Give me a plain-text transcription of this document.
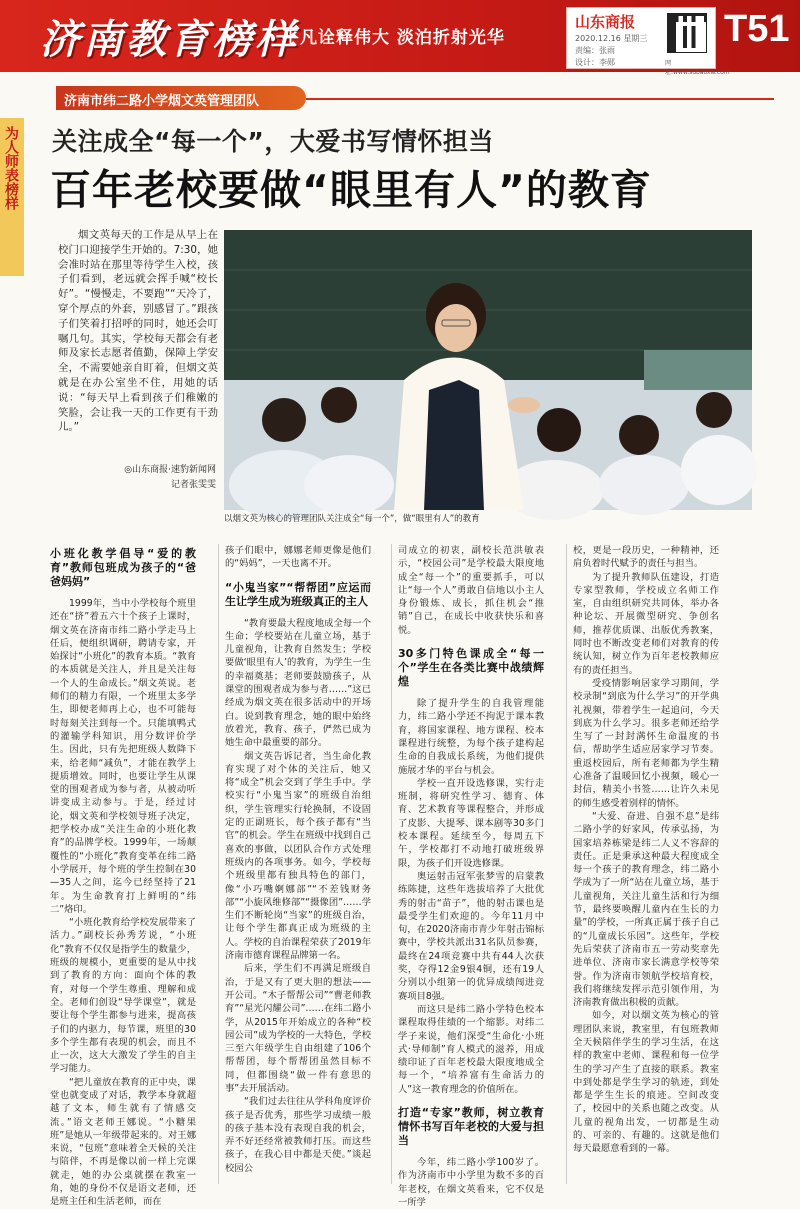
济南教育榜样
平凡诠释伟大 淡泊折射光华
山东商报
2020.12.16 星期三
责编：张雨
设计：李郧	网址:www.subaoxw.com
T51
济南市纬二路小学烟文英管理团队
为人师表榜样 关注成全“每一个”，大爱书写情怀担当
百年老校要做“眼里有人”的教育
烟文英每天的工作是从早上在校门口迎接学生开始的。7:30，她会准时站在那里等待学生入校，孩子们看到，老远就会挥手喊“校长好”。“慢慢走，不要跑”“天冷了，穿个厚点的外套，别感冒了。”跟孩子们笑着打招呼的同时，她还会叮嘱几句。其实，学校每天都会有老师及家长志愿者值勤，保障上学安全，不需要她亲自盯着，但烟文英就是在办公室坐不住，用她的话说：“每天早上看到孩子们稚嫩的笑脸，会让我一天的工作更有干劲儿。”
◎山东商报·速豹新闻网
记者张雯雯
以烟文英为核心的管理团队关注成全“每一个”，做“眼里有人”的教育
小班化教学倡导“爱的教育”教师包班成为孩子的“爸爸妈妈”

1999年，当中小学校每个班里还在“挤”着五六十个孩子上课时，烟文英在济南市纬二路小学走马上任后，便组织调研，聘请专家，开始探讨“小班化”的教育本质。“教育的本质就是关注人，并且是关注每一个人的生命成长。”烟文英说。老师们的精力有限，一个班里太多学生，即便老师再上心，也不可能每时每刻关注到每一个。只能填鸭式的灌输学科知识，用分数评价学生。因此，只有先把班级人数降下来，给老师“减负”，才能在教学上提质增效。同时，也要让学生从课堂的围观者成为参与者，从被动听讲变成主动参与。于是，经过讨论，烟文英和学校领导班子决定，把学校办成“关注生命的小班化教育”的品牌学校。1999年，一场颠覆性的“小班化”教育变革在纬二路小学展开，每个班的学生控制在30—35人之间，迄今已经坚持了21年。为生命教育打上鲜明的“纬二”烙印。

“小班化教育给学校发展带来了活力。”副校长孙秀芳说，“小班化”教育不仅仅是指学生的数量少，班级的规模小，更重要的是从中找到了教育的方向：面向个体的教育，对每一个学生尊重、理解和成全。老师们创设“导学课堂”，就是要让每个学生都参与进来，提高孩子们的内驱力，每节课，班里的30多个学生都有表现的机会，而且不止一次，这大大激发了学生的自主学习能力。

“把儿童放在教育的正中央，课堂也就变成了对话，教学本身就超越了文本，师生就有了情感交流。”语文老师王娜说。“小糖果班”是她从一年级带起来的。对王娜来说，“包班”意味着全天候的关注与陪伴，不再是像以前一样上完课就走，她的办公桌就摆在教室一角，她的身份不仅是语文老师，还是班主任和生活老师，而在

孩子们眼中，娜娜老师更像是他们的“妈妈”，一天也离不开。

“小鬼当家”“帮帮团”应运而生让学生成为班级真正的主人

“教育要最大程度地成全每一个生命；学校要站在儿童立场，基于儿童视角，让教育自然发生；学校要做‘眼里有人’的教育，为学生一生的幸福奠基；老师要鼓励孩子，从课堂的围观者成为参与者……”这已经成为烟文英在很多活动中的开场白。说到教育理念，她的眼中始终放着光，教育、孩子，俨然已成为她生命中最重要的部分。

烟文英告诉记者，当生命化教育实现了对个体的关注后，她又将“成全”机会交到了学生手中。学校实行“小鬼当家”的班级自治组织，学生管理实行轮换制，不设固定的正副班长，每个孩子都有“当官”的机会。学生在班级中找到自己喜欢的事做，以团队合作方式处理班级内的各项事务。如今，学校每个班级里都有独具特色的部门，像“小巧嘴婀娜部”“不差钱财务部”“小旋风维修部”“摄像团”……学生们不断轮岗“当家”的班级自治，让每个学生都真正成为班级的主人。学校的自治课程荣获了2019年济南市德育课程品牌第一名。

后来，学生们不再满足班级自治，于是又有了更大胆的想法——开公司。“木子帮帮公司”“曹老师教育”“星光闪耀公司”……在纬二路小学，从2015年开始成立的各种“校园公司”成为学校的一大特色，学校三至六年级学生自由组建了106个帮帮团，每个帮帮团虽然目标不同，但都围绕“做一件有意思的事”去开展活动。

“我们过去往往从学科角度评价孩子是否优秀，那些学习成绩一般的孩子基本没有表现自我的机会，弄不好还经常被教师打压。而这些孩子，在我心目中都是天使。”谈起校园公

司成立的初衷，副校长范洪敏表示，“校园公司”是学校最大限度地成全“每一个”的重要抓手，可以让“每一个人”勇敢自信地以小主人身份锻炼、成长，抓住机会“推销”自己，在成长中收获快乐和喜悦。

30多门特色课成全“每一个”学生在各类比赛中战绩辉煌

除了提升学生的自我管理能力，纬二路小学还不拘泥于课本教育，将国家课程、地方课程、校本课程进行统整，为每个孩子建构起生命的自我成长系统，为他们提供施展才华的平台与机会。

学校一直开设选修课，实行走班制，将研究性学习、德育、体育、艺术教育等课程整合，并形成了皮影、大提琴、课本剧等30多门校本课程。延续至今，每周五下午，学校都打不动地打破班级界限，为孩子们开设选修课。

奥运射击冠军张梦雪的启蒙教练陈捷，这些年选拔培养了大批优秀的射击“苗子”，他的射击课也是最受学生们欢迎的。今年11月中旬，在2020济南市青少年射击锦标赛中，学校共派出31名队员参赛，最终在24项竞赛中共有44人次获奖，夺得12金9银4铜，还有19人分别以小组第一的优异成绩闯进竞赛项目8强。

而这只是纬二路小学特色校本课程取得佳绩的一个缩影。对纬二学子来说，他们深受“生命化·小班式·导师制”育人模式的滋养，用成绩印证了百年老校最大限度地成全每一个，“培养富有生命活力的人”这一教育理念的价值所在。

打造“专家”教师，树立教育情怀书写百年老校的大爱与担当

今年，纬二路小学100岁了。作为济南市中小学里为数不多的百年老校，在烟文英看来，它不仅是一所学

校，更是一段历史，一种精神，还肩负着时代赋予的责任与担当。

为了提升教师队伍建设，打造专家型教师，学校成立名师工作室，自由组织研究共同体，举办各种论坛、开展微型研究、争创名师，推荐优质课、出版优秀教案，同时也不断改变老师们对教育的传统认知，树立作为百年老校教师应有的责任担当。

受疫情影响居家学习期间，学校录制“到底为什么学习”的开学典礼视频，带着学生一起追问，今天到底为什么学习。很多老师还给学生写了一封封满怀生命温度的书信，帮助学生适应居家学习节奏。重返校园后，所有老师都为学生精心准备了温暖回忆小视频，暖心一封信，精美小书签……让许久未见的师生感受着别样的情怀。

“大爱、奋进、自强不息”是纬二路小学的好家风，传承弘扬，为国家培养栋梁是纬二人义不容辞的责任。正是秉承这种最大程度成全每一个孩子的教育理念，纬二路小学成为了一所“站在儿童立场，基于儿童视角，关注儿童生活和行为细节，最终要唤醒儿童内在生长的力量”的学校，一所真正属于孩子自己的“儿童成长乐园”。这些年，学校先后荣获了济南市五一劳动奖章先进单位、济南市家长满意学校等荣誉。作为济南市领航学校培育校，我们将继续发挥示范引领作用，为济南教育做出积极的贡献。

如今，对以烟文英为核心的管理团队来说，教室里，有包班教师全天候陪伴学生的学习生活，在这样的教室中老师、课程和每一位学生的学习产生了直接的联系。教室中到处都是学生学习的轨迹，到处都是学生生长的痕迹。空间改变了，校园中的关系也随之改变。从儿童的视角出发，一切都是生动的、可亲的、有趣的。这就是他们每天最愿意看到的一幕。
